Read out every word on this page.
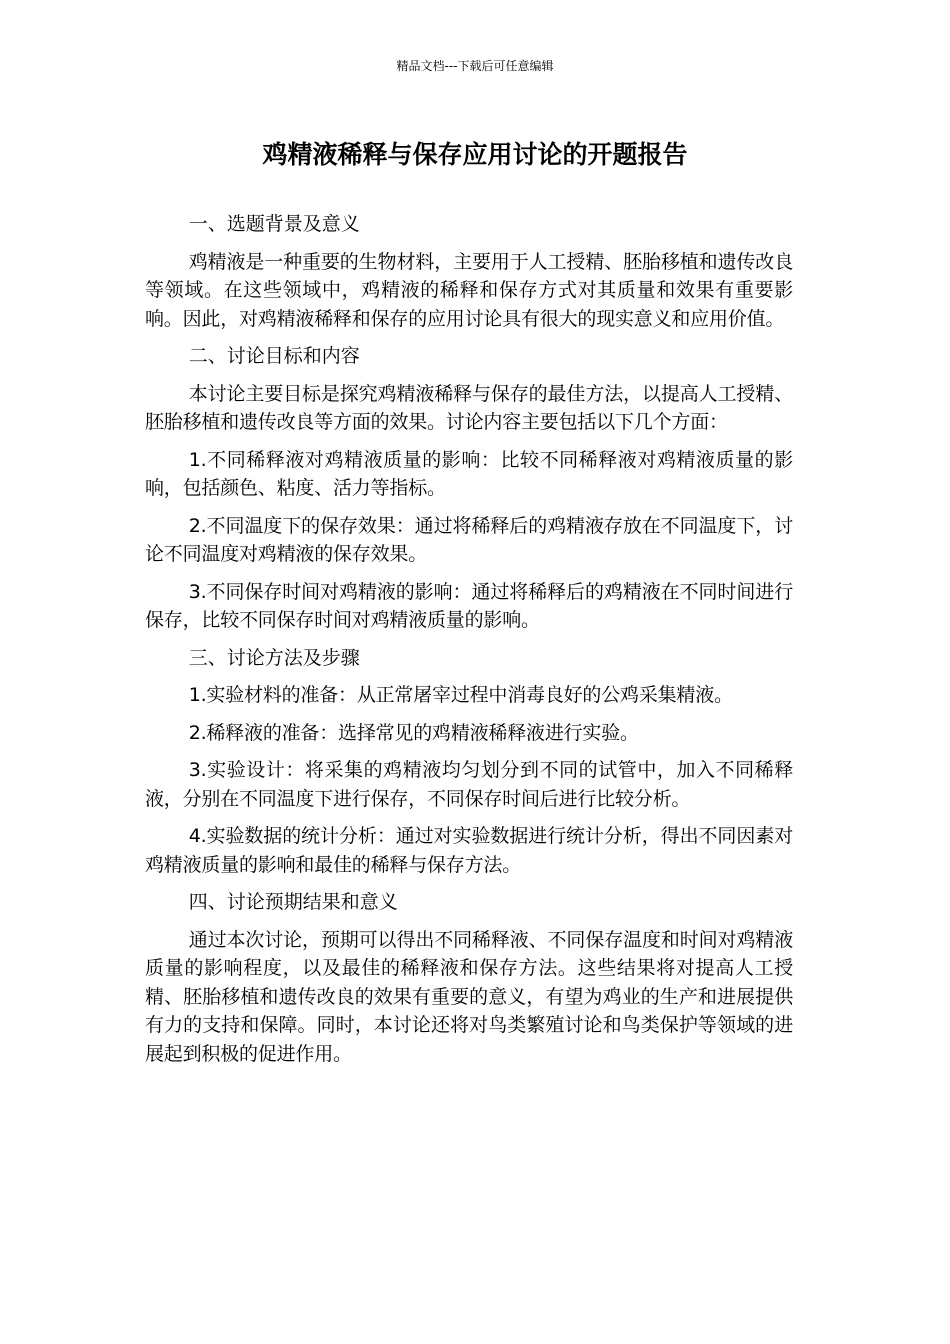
精品文档---下载后可任意编辑
鸡精液稀释与保存应用讨论的开题报告

一、选题背景及意义

鸡精液是一种重要的生物材料，主要用于人工授精、胚胎移植和遗传改良等领域。在这些领域中，鸡精液的稀释和保存方式对其质量和效果有重要影响。因此，对鸡精液稀释和保存的应用讨论具有很大的现实意义和应用价值。

二、讨论目标和内容

本讨论主要目标是探究鸡精液稀释与保存的最佳方法，以提高人工授精、胚胎移植和遗传改良等方面的效果。讨论内容主要包括以下几个方面：

1.不同稀释液对鸡精液质量的影响：比较不同稀释液对鸡精液质量的影响，包括颜色、粘度、活力等指标。

2.不同温度下的保存效果：通过将稀释后的鸡精液存放在不同温度下，讨论不同温度对鸡精液的保存效果。

3.不同保存时间对鸡精液的影响：通过将稀释后的鸡精液在不同时间进行保存，比较不同保存时间对鸡精液质量的影响。

三、讨论方法及步骤

1.实验材料的准备：从正常屠宰过程中消毒良好的公鸡采集精液。

2.稀释液的准备：选择常见的鸡精液稀释液进行实验。

3.实验设计：将采集的鸡精液均匀划分到不同的试管中，加入不同稀释液，分别在不同温度下进行保存，不同保存时间后进行比较分析。

4.实验数据的统计分析：通过对实验数据进行统计分析，得出不同因素对鸡精液质量的影响和最佳的稀释与保存方法。

四、讨论预期结果和意义

通过本次讨论，预期可以得出不同稀释液、不同保存温度和时间对鸡精液质量的影响程度，以及最佳的稀释液和保存方法。这些结果将对提高人工授精、胚胎移植和遗传改良的效果有重要的意义，有望为鸡业的生产和进展提供有力的支持和保障。同时，本讨论还将对鸟类繁殖讨论和鸟类保护等领域的进展起到积极的促进作用。
